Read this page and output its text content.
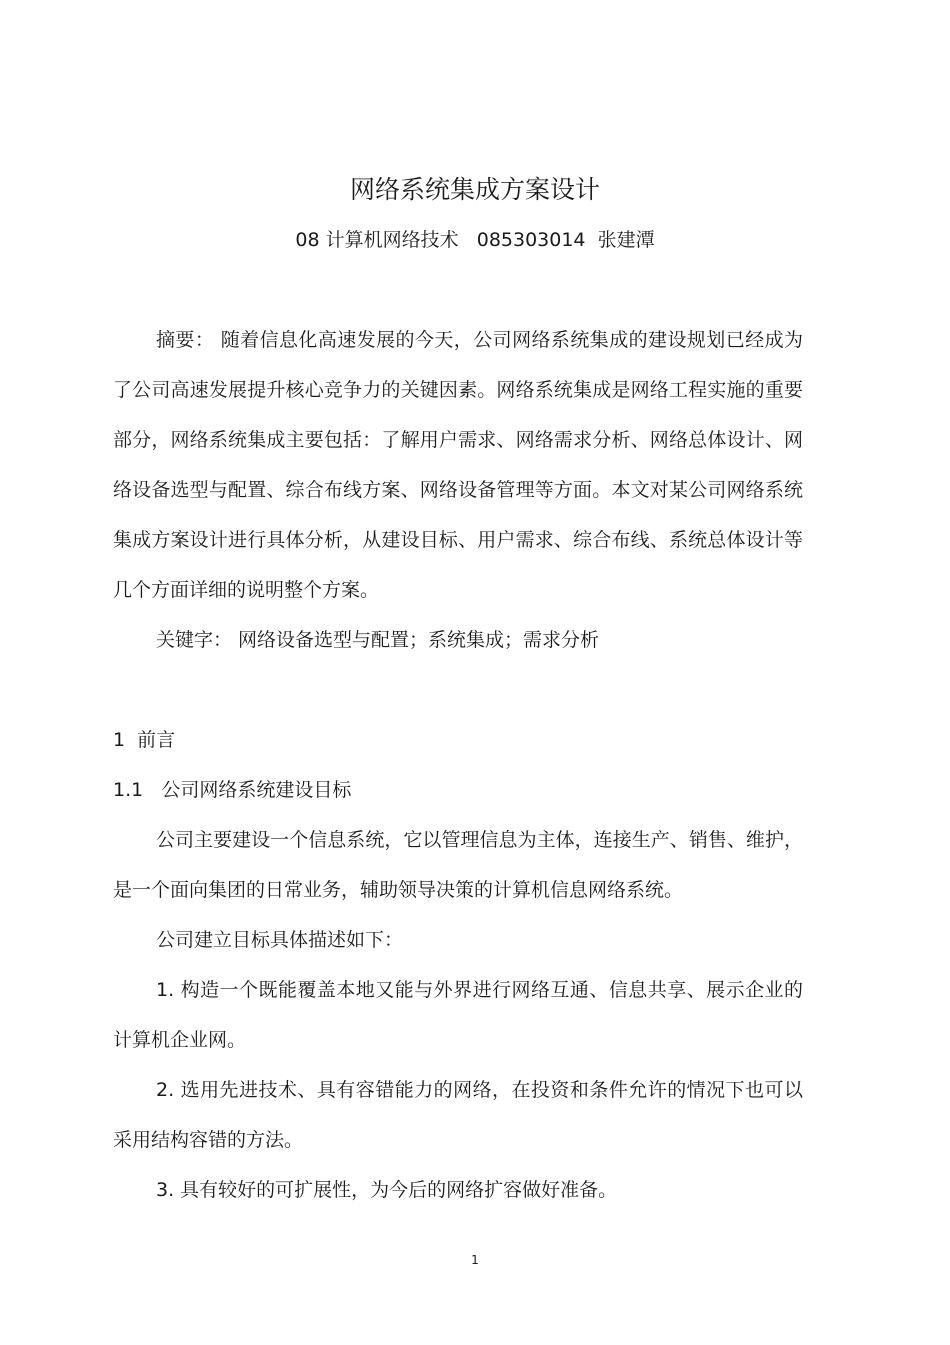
网络系统集成方案设计

08 计算机网络技术   085303014  张建潭

摘要： 随着信息化高速发展的今天，公司网络系统集成的建设规划已经成为了公司高速发展提升核心竞争力的关键因素。网络系统集成是网络工程实施的重要部分，网络系统集成主要包括：了解用户需求、网络需求分析、网络总体设计、网络设备选型与配置、综合布线方案、网络设备管理等方面。本文对某公司网络系统集成方案设计进行具体分析，从建设目标、用户需求、综合布线、系统总体设计等几个方面详细的说明整个方案。

关键字： 网络设备选型与配置；系统集成；需求分析

1  前言
1.1   公司网络系统建设目标

公司主要建设一个信息系统，它以管理信息为主体，连接生产、销售、维护，是一个面向集团的日常业务，辅助领导决策的计算机信息网络系统。

公司建立目标具体描述如下：

1. 构造一个既能覆盖本地又能与外界进行网络互通、信息共享、展示企业的计算机企业网。

2. 选用先进技术、具有容错能力的网络，在投资和条件允许的情况下也可以采用结构容错的方法。

3. 具有较好的可扩展性，为今后的网络扩容做好准备。

1
